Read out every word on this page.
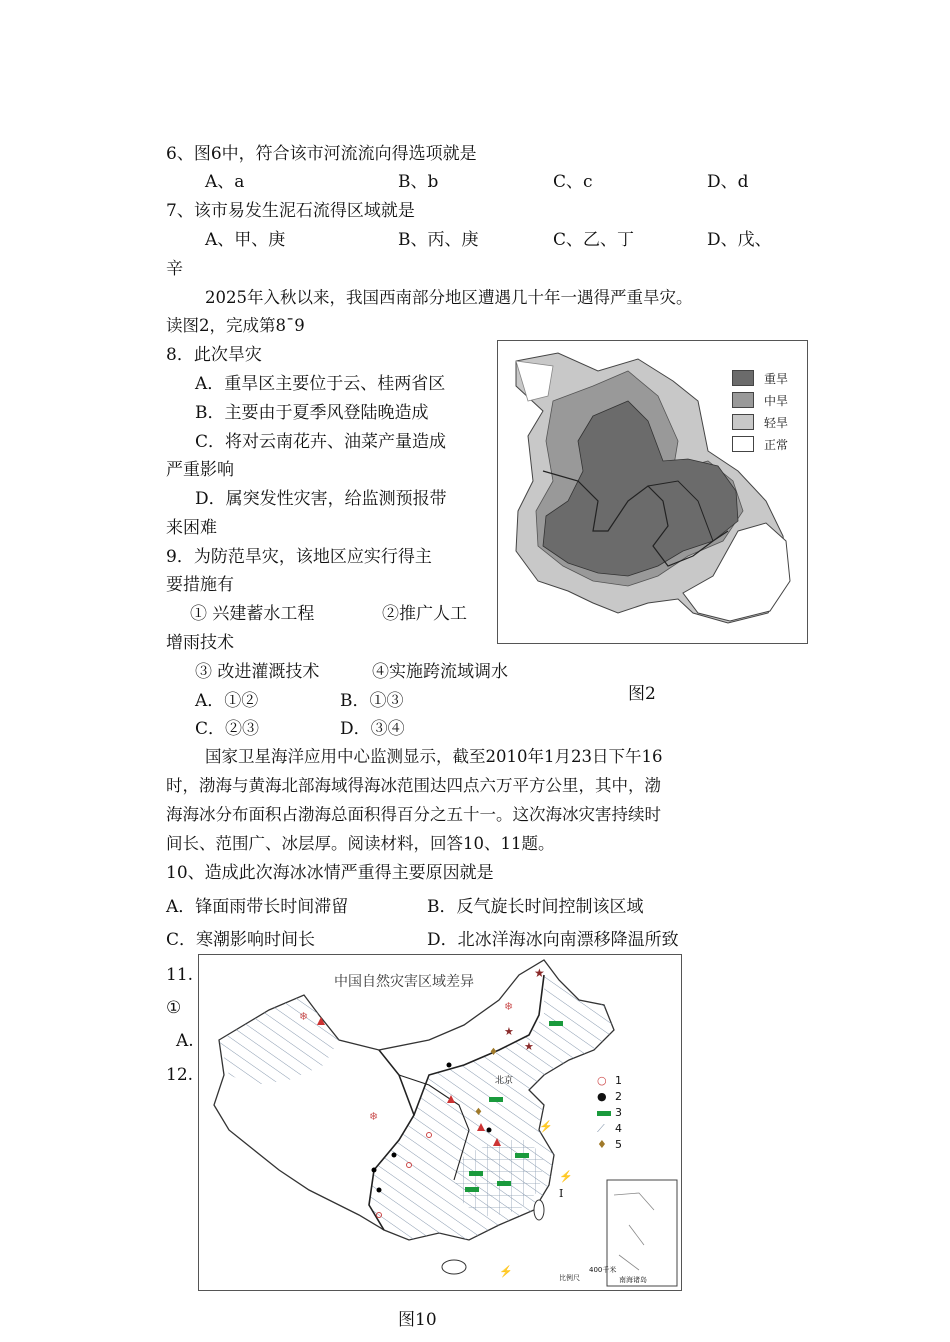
6、图6中，符合该市河流流向得选项就是
A、a	B、b	C、c	D、d
7、该市易发生泥石流得区域就是
A、甲、庚	B、丙、庚	C、乙、丁	D、戊、
辛
2025年入秋以来，我国西南部分地区遭遇几十年一遇得严重旱灾。
读图2，完成第8¯9
8．此次旱灾
A．重旱区主要位于云、桂两省区
B．主要由于夏季风登陆晚造成
C．将对云南花卉、油菜产量造成
严重影响
D．属突发性灾害，给监测预报带
来困难
9．为防范旱灾，该地区应实行得主
要措施有
① 兴建蓄水工程	②推广人工
增雨技术
③ 改进灌溉技术	④实施跨流域调水
A．①②	B．①③
C．②③	D．③④
重旱
中旱
轻旱
正常
图2
国家卫星海洋应用中心监测显示，截至2010年1月23日下午16
时，渤海与黄海北部海域得海冰范围达四点六万平方公里，其中，渤
海海冰分布面积占渤海总面积得百分之五十一。这次海冰灾害持续时
间长、范围广、冰层厚。阅读材料，回答10、11题。
10、造成此次海冰冰情严重得主要原因就是
A．锋面雨带长时间滞留	B．反气旋长时间控制该区域
C．寒潮影响时间长	D．北冰洋海冰向南漂移降温所致
11.
①
A.
12.
★
★
★
❄
❄
❄
⚡
⚡
⚡
♦
♦
中国自然灾害区域差异
北京
I
比例尺
400千米
南海诸岛
○ 1
● 2
3
⟋ 4
♦ 5
图10
